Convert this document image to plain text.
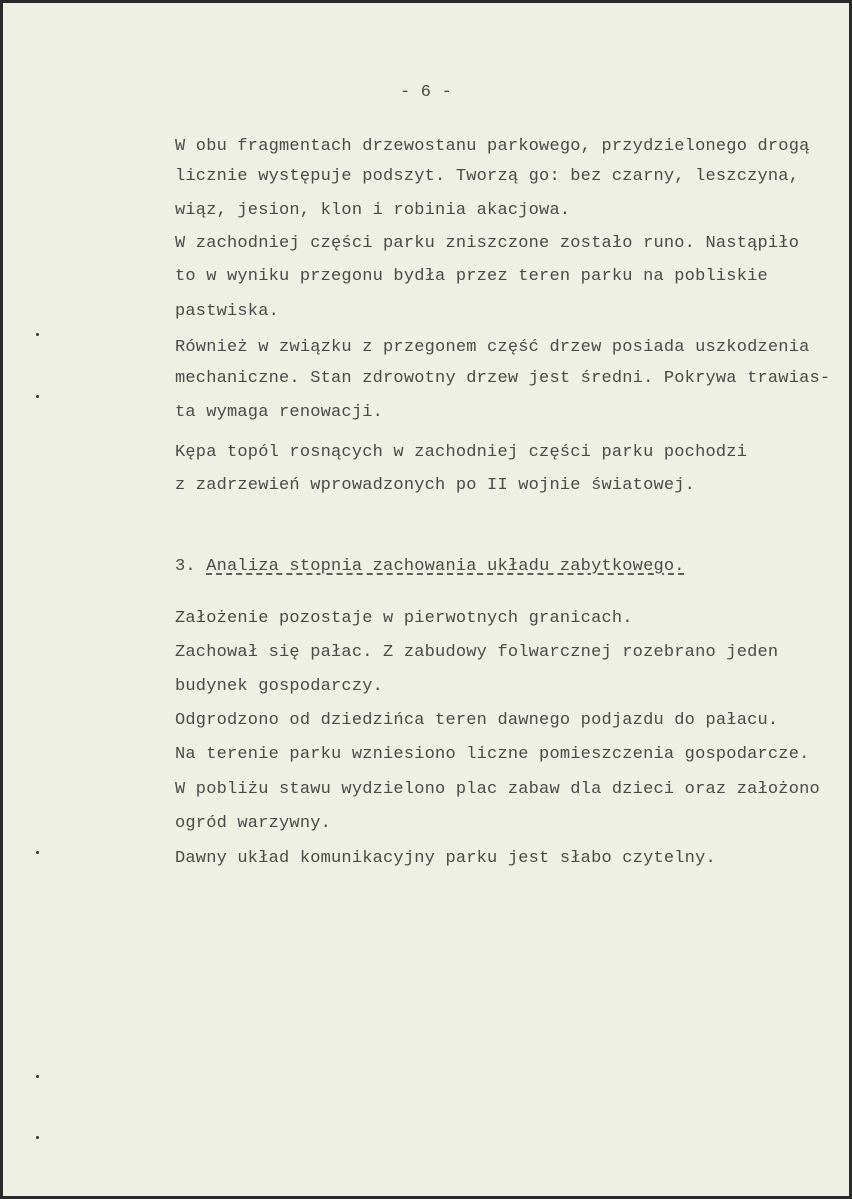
- 6 -
W obu fragmentach drzewostanu parkowego, przydzielonego drogą
licznie występuje podszyt. Tworzą go: bez czarny, leszczyna,
wiąz, jesion, klon i robinia akacjowa.
W zachodniej części parku zniszczone zostało runo. Nastąpiło
to w wyniku przegonu bydła przez teren parku na pobliskie
pastwiska.
Również w związku z przegonem część drzew posiada uszkodzenia
mechaniczne. Stan zdrowotny drzew jest średni. Pokrywa trawias-
ta wymaga renowacji.
Kępa topól rosnących w zachodniej części parku pochodzi
z zadrzewień wprowadzonych po II wojnie światowej.
3. Analiza stopnia zachowania układu zabytkowego.
Założenie pozostaje w pierwotnych granicach.
Zachował się pałac. Z zabudowy folwarcznej rozebrano jeden
budynek gospodarczy.
Odgrodzono od dziedzińca teren dawnego podjazdu do pałacu.
Na terenie parku wzniesiono liczne pomieszczenia gospodarcze.
W pobliżu stawu wydzielono plac zabaw dla dzieci oraz założono
ogród warzywny.
Dawny układ komunikacyjny parku jest słabo czytelny.
